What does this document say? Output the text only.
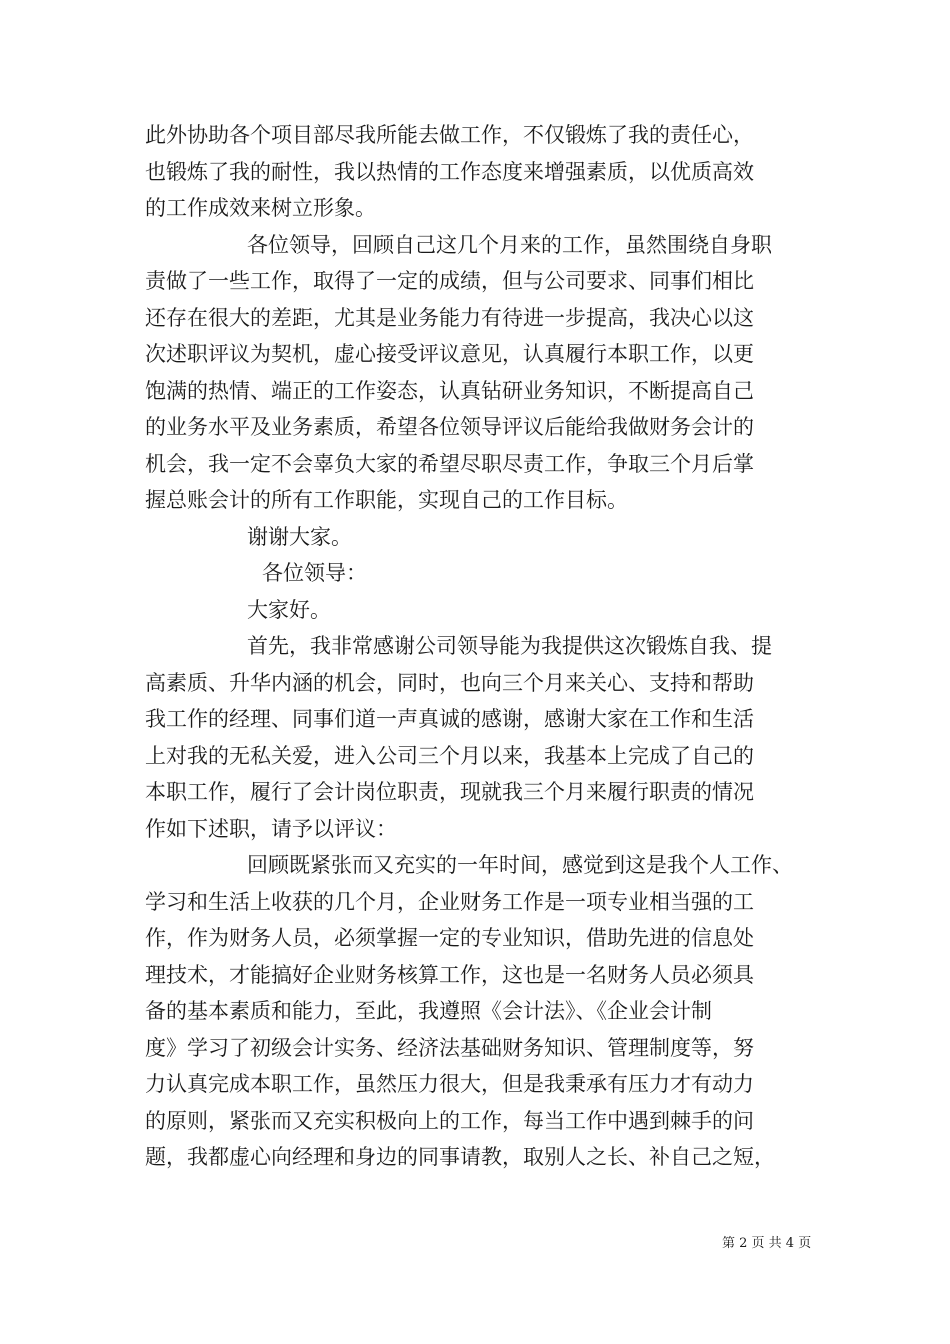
此外协助各个项目部尽我所能去做工作，不仅锻炼了我的责任心，
也锻炼了我的耐性，我以热情的工作态度来增强素质，以优质高效
的工作成效来树立形象。
各位领导，回顾自己这几个月来的工作，虽然围绕自身职
责做了一些工作，取得了一定的成绩，但与公司要求、同事们相比
还存在很大的差距，尤其是业务能力有待进一步提高，我决心以这
次述职评议为契机，虚心接受评议意见，认真履行本职工作，以更
饱满的热情、端正的工作姿态，认真钻研业务知识，不断提高自己
的业务水平及业务素质，希望各位领导评议后能给我做财务会计的
机会，我一定不会辜负大家的希望尽职尽责工作，争取三个月后掌
握总账会计的所有工作职能，实现自己的工作目标。
谢谢大家。
各位领导：
大家好。
首先，我非常感谢公司领导能为我提供这次锻炼自我、提
高素质、升华内涵的机会，同时，也向三个月来关心、支持和帮助
我工作的经理、同事们道一声真诚的感谢，感谢大家在工作和生活
上对我的无私关爱，进入公司三个月以来，我基本上完成了自己的
本职工作，履行了会计岗位职责，现就我三个月来履行职责的情况
作如下述职，请予以评议：
回顾既紧张而又充实的一年时间，感觉到这是我个人工作、
学习和生活上收获的几个月，企业财务工作是一项专业相当强的工
作，作为财务人员，必须掌握一定的专业知识，借助先进的信息处
理技术，才能搞好企业财务核算工作，这也是一名财务人员必须具
备的基本素质和能力，至此，我遵照《会计法》、《企业会计制
度》学习了初级会计实务、经济法基础财务知识、管理制度等，努
力认真完成本职工作，虽然压力很大，但是我秉承有压力才有动力
的原则，紧张而又充实积极向上的工作，每当工作中遇到棘手的问
题，我都虚心向经理和身边的同事请教，取别人之长、补自己之短，
第 2 页 共 4 页
